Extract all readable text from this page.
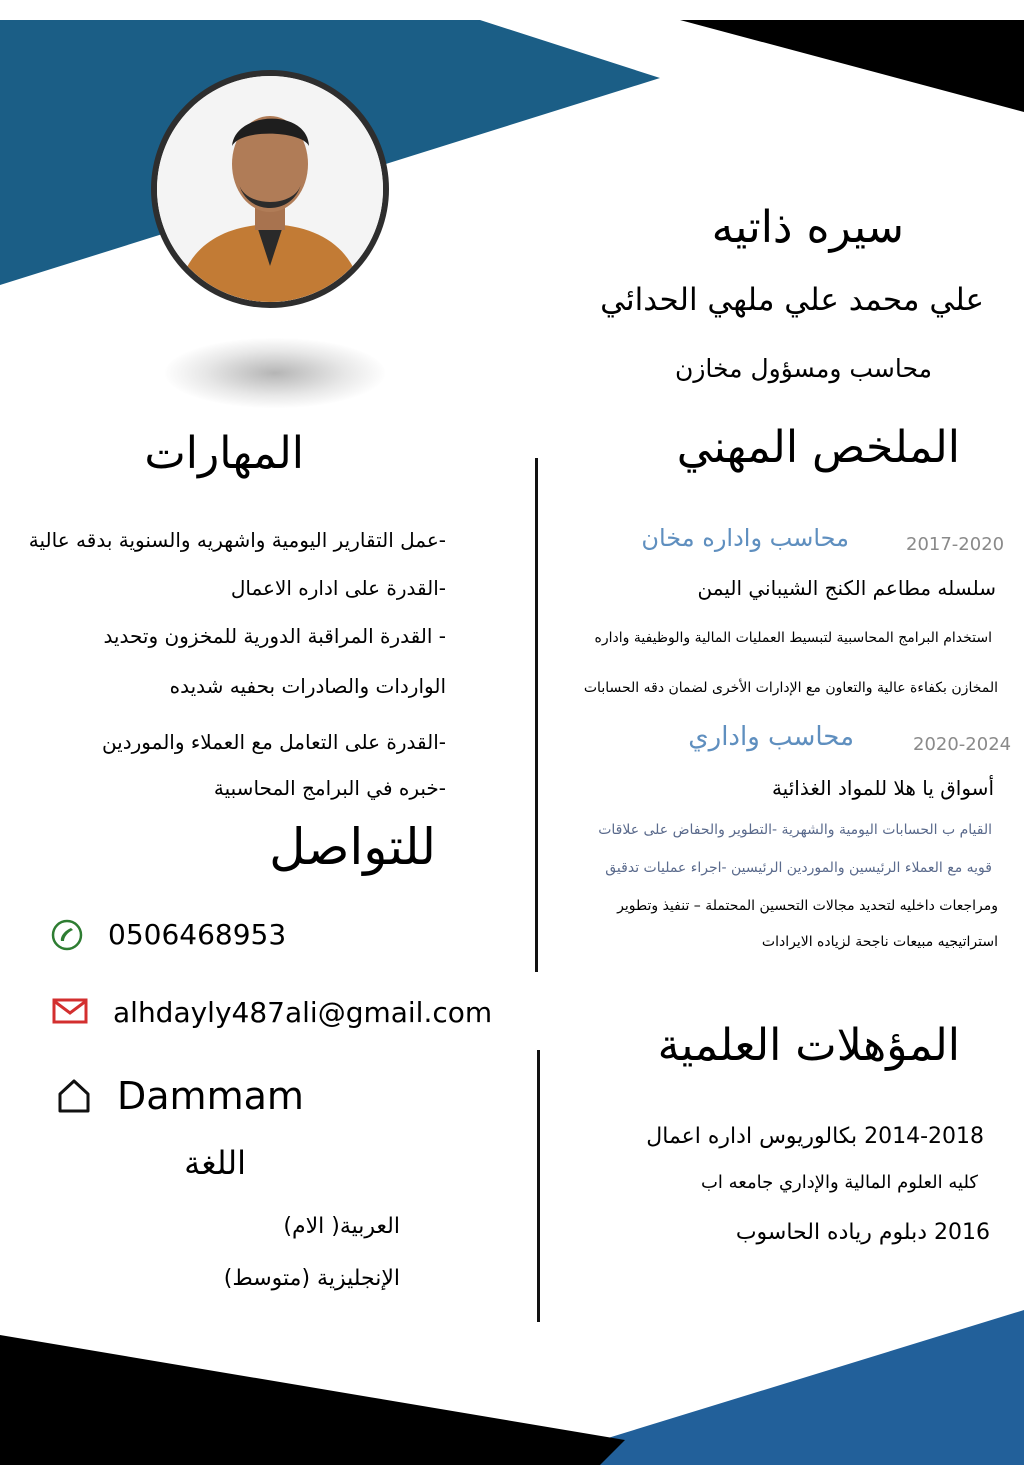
سيره ذاتيه
علي محمد علي ملهي الحدائي
محاسب ومسؤول مخازن
الملخص المهني
2017-2020
محاسب واداره مخان
سلسله مطاعم الكنج الشيباني اليمن
استخدام البرامج المحاسبية لتبسيط العمليات المالية والوظيفية واداره
المخازن بكفاءة عالية والتعاون مع الإدارات الأخرى لضمان دقه الحسابات
2020-2024
محاسب واداري
أسواق يا هلا للمواد الغذائية
القيام ب الحسابات اليومية والشهرية -التطوير والحفاض على علاقات
قويه مع العملاء الرئيسين والموردين الرئيسين -اجراء عمليات تدقيق
ومراجعات داخليه لتحديد مجالات التحسين المحتملة – تنفيذ وتطوير
استراتيجيه مبيعات ناجحة لزياده الايرادات
المؤهلات العلمية
2014-2018 بكالوريوس اداره اعمال
كليه العلوم المالية والإداري جامعه اب
2016 دبلوم رياده الحاسوب
المهارات
-عمل التقارير اليومية واشهريه والسنوية بدقه عالية
-القدرة على اداره الاعمال
- القدرة المراقبة الدورية للمخزون وتحديد
الواردات والصادرات بحفيه شديده
-القدرة على التعامل مع العملاء والموردين
-خبره في البرامج المحاسبية
للتواصل
0506468953
alhdayly487ali@gmail.com
Dammam
اللغة
العربية( الام)
الإنجليزية (متوسط)
